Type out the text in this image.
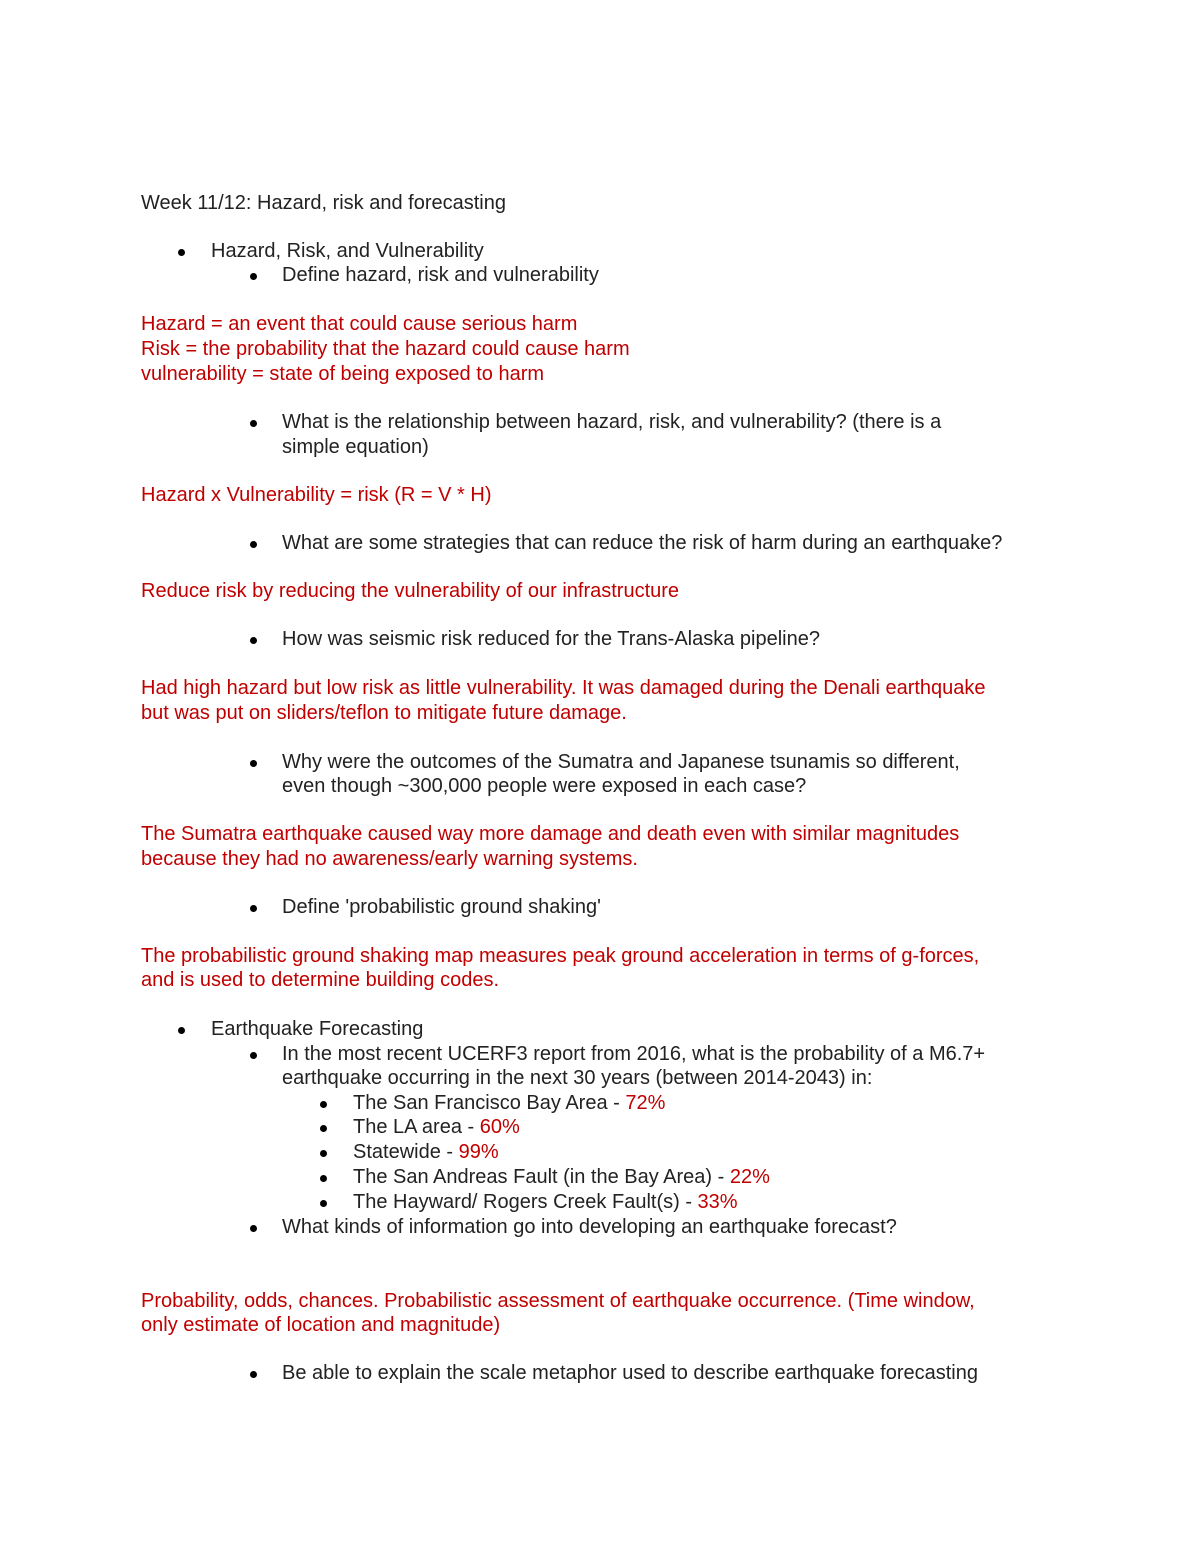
Week 11/12: Hazard, risk and forecasting
Hazard, Risk, and Vulnerability
Define hazard, risk and vulnerability
Hazard = an event that could cause serious harm
Risk = the probability that the hazard could cause harm
vulnerability = state of being exposed to harm
What is the relationship between hazard, risk, and vulnerability? (there is a
simple equation)
Hazard x Vulnerability = risk (R = V * H)
What are some strategies that can reduce the risk of harm during an earthquake?
Reduce risk by reducing the vulnerability of our infrastructure
How was seismic risk reduced for the Trans-Alaska pipeline?
Had high hazard but low risk as little vulnerability. It was damaged during the Denali earthquake
but was put on sliders/teflon to mitigate future damage.
Why were the outcomes of the Sumatra and Japanese tsunamis so different,
even though ~300,000 people were exposed in each case?
The Sumatra earthquake caused way more damage and death even with similar magnitudes
because they had no awareness/early warning systems.
Define 'probabilistic ground shaking'
The probabilistic ground shaking map measures peak ground acceleration in terms of g-forces,
and is used to determine building codes.
Earthquake Forecasting
In the most recent UCERF3 report from 2016, what is the probability of a M6.7+
earthquake occurring in the next 30 years (between 2014-2043) in:
The San Francisco Bay Area - 72%
The LA area - 60%
Statewide - 99%
The San Andreas Fault (in the Bay Area) - 22%
The Hayward/ Rogers Creek Fault(s) - 33%
What kinds of information go into developing an earthquake forecast?
Probability, odds, chances. Probabilistic assessment of earthquake occurrence. (Time window,
only estimate of location and magnitude)
Be able to explain the scale metaphor used to describe earthquake forecasting
